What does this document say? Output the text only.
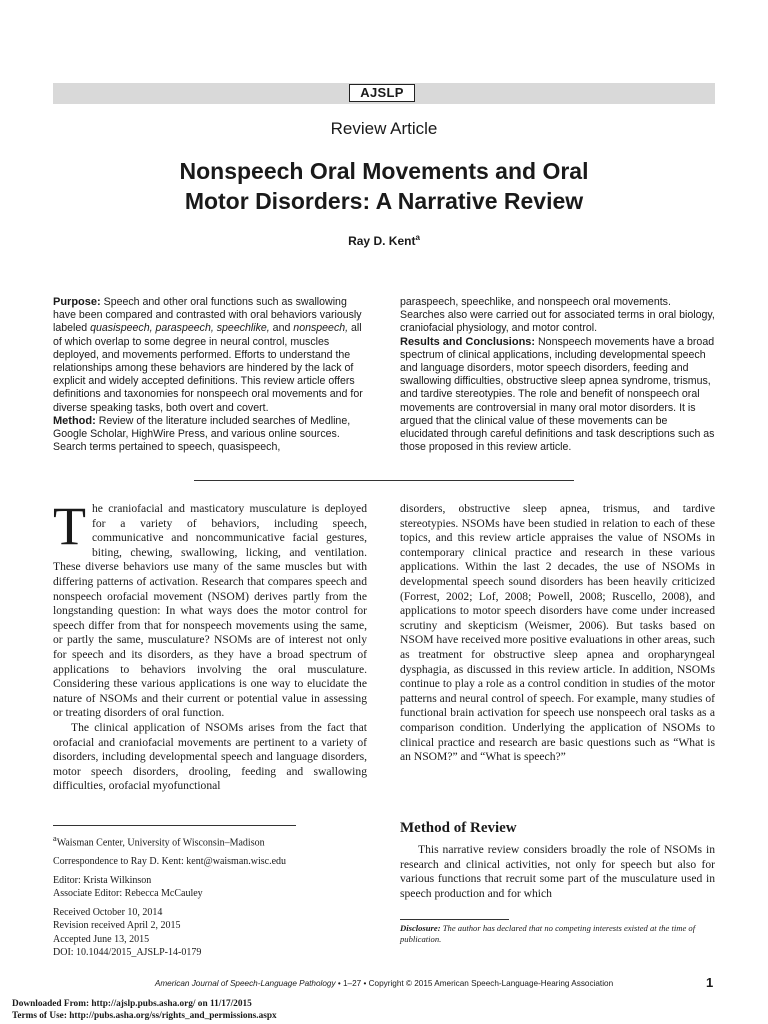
AJSLP
Review Article
Nonspeech Oral Movements and Oral
Motor Disorders: A Narrative Review
Ray D. Kent$^a$

Purpose: Speech and other oral functions such as swallowing have been compared and contrasted with oral behaviors variously labeled quasispeech, paraspeech, speechlike, and nonspeech, all of which overlap to some degree in neural control, muscles deployed, and movements performed. Efforts to understand the relationships among these behaviors are hindered by the lack of explicit and widely accepted definitions. This review article offers definitions and taxonomies for nonspeech oral movements and for diverse speaking tasks, both overt and covert.

Method: Review of the literature included searches of Medline, Google Scholar, HighWire Press, and various online sources. Search terms pertained to speech, quasispeech,

paraspeech, speechlike, and nonspeech oral movements. Searches also were carried out for associated terms in oral biology, craniofacial physiology, and motor control.

Results and Conclusions: Nonspeech movements have a broad spectrum of clinical applications, including developmental speech and language disorders, motor speech disorders, feeding and swallowing difficulties, obstructive sleep apnea syndrome, trismus, and tardive stereotypies. The role and benefit of nonspeech oral movements are controversial in many oral motor disorders. It is argued that the clinical value of these movements can be elucidated through careful definitions and task descriptions such as those proposed in this review article.

The craniofacial and masticatory musculature is deployed for a variety of behaviors, including speech, communicative and noncommunicative facial gestures, biting, chewing, swallowing, licking, and ventilation. These diverse behaviors use many of the same muscles but with differing patterns of activation. Research that compares speech and nonspeech orofacial movement (NSOM) derives partly from the longstanding question: In what ways does the motor control for speech differ from that for nonspeech movements using the same, or partly the same, musculature? NSOMs are of interest not only for speech and its disorders, as they have a broad spectrum of applications to behaviors involving the oral musculature. Considering these various applications is one way to elucidate the nature of NSOMs and their current or potential value in assessing or treating disorders of oral function.

The clinical application of NSOMs arises from the fact that orofacial and craniofacial movements are pertinent to a variety of disorders, including developmental speech and language disorders, motor speech disorders, drooling, feeding and swallowing difficulties, orofacial myofunctional

disorders, obstructive sleep apnea, trismus, and tardive stereotypies. NSOMs have been studied in relation to each of these topics, and this review article appraises the value of NSOMs in contemporary clinical practice and research in these various applications. Within the last 2 decades, the use of NSOMs in developmental speech sound disorders has been heavily criticized (Forrest, 2002; Lof, 2008; Powell, 2008; Ruscello, 2008), and applications to motor speech disorders have come under increased scrutiny and skepticism (Weismer, 2006). But tasks based on NSOM have received more positive evaluations in other areas, such as treatment for obstructive sleep apnea and oropharyngeal dysphagia, as discussed in this review article. In addition, NSOMs continue to play a role as a control condition in studies of the motor patterns and neural control of speech. For example, many studies of functional brain activation for speech use nonspeech oral tasks as a comparison condition. Underlying the application of NSOMs to clinical practice and research are basic questions such as “What is an NSOM?” and “What is speech?”

Method of Review
This narrative review considers broadly the role of NSOMs in research and clinical activities, not only for speech but also for various functions that recruit some part of the musculature used in speech production and for which
$^a$Waisman Center, University of Wisconsin–Madison
Correspondence to Ray D. Kent: kent@waisman.wisc.edu
Editor: Krista Wilkinson
Associate Editor: Rebecca McCauley
Received October 10, 2014
Revision received April 2, 2015
Accepted June 13, 2015
DOI: 10.1044/2015_AJSLP-14-0179
Disclosure: The author has declared that no competing interests existed at the time of publication.
American Journal of Speech-Language Pathology • 1–27 • Copyright © 2015 American Speech-Language-Hearing Association	1
Downloaded From: http://ajslp.pubs.asha.org/ on 11/17/2015
Terms of Use: http://pubs.asha.org/ss/rights_and_permissions.aspx
